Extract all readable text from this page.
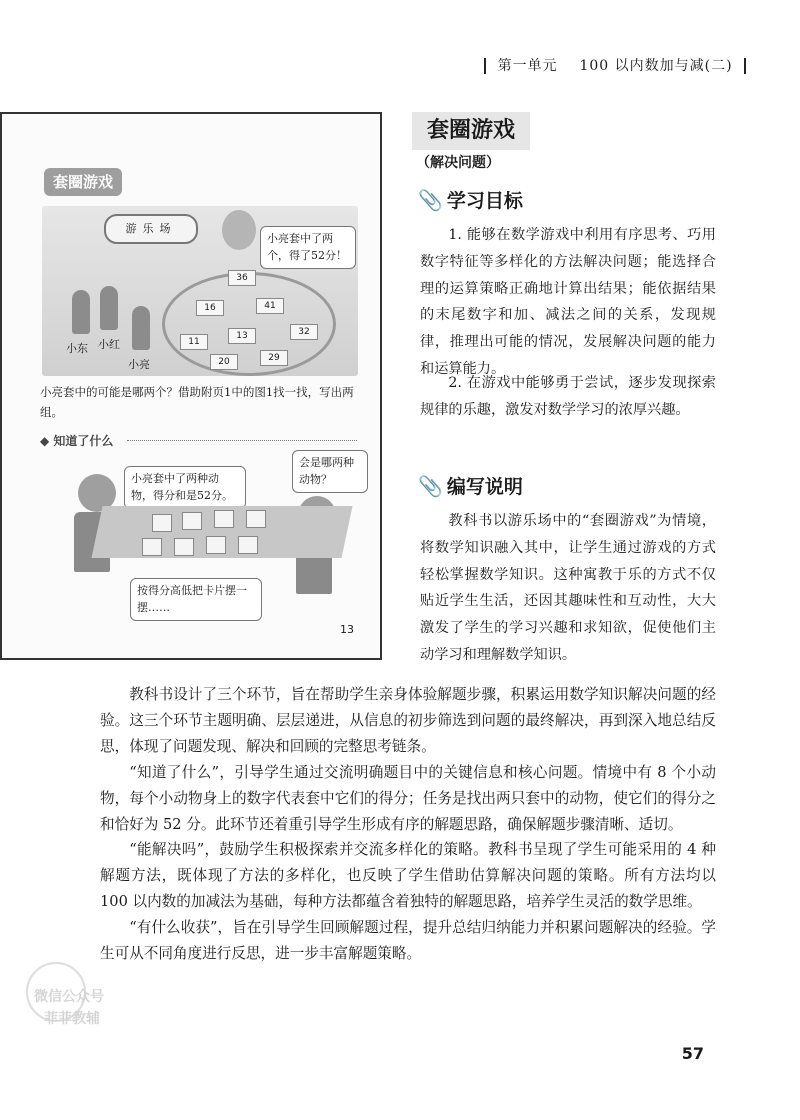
第一单元 100 以内数加与减(二)
套圈游戏
游乐场
小亮套中了两个，得了52分！
36
16	41
11
13	32
20	29
小东 小红
小亮
小亮套中的可能是哪两个？借助附页1中的图1找一找，写出两组。
◆ 知道了什么
小亮套中了两种动物，得分和是52分。
会是哪两种动物？
按得分高低把卡片摆一摆……
13
套圈游戏
（解决问题）
📎 学习目标

1. 能够在数学游戏中利用有序思考、巧用数字特征等多样化的方法解决问题；能选择合理的运算策略正确地计算出结果；能依据结果的末尾数字和加、减法之间的关系，发现规律，推理出可能的情况，发展解决问题的能力和运算能力。

2. 在游戏中能够勇于尝试，逐步发现探索规律的乐趣，激发对数学学习的浓厚兴趣。

📎 编写说明

教科书以游乐场中的“套圈游戏”为情境，将数学知识融入其中，让学生通过游戏的方式轻松掌握数学知识。这种寓教于乐的方式不仅贴近学生生活，还因其趣味性和互动性，大大激发了学生的学习兴趣和求知欲，促使他们主动学习和理解数学知识。

教科书设计了三个环节，旨在帮助学生亲身体验解题步骤，积累运用数学知识解决问题的经验。这三个环节主题明确、层层递进，从信息的初步筛选到问题的最终解决，再到深入地总结反思，体现了问题发现、解决和回顾的完整思考链条。

“知道了什么”，引导学生通过交流明确题目中的关键信息和核心问题。情境中有 8 个小动物，每个小动物身上的数字代表套中它们的得分；任务是找出两只套中的动物，使它们的得分之和恰好为 52 分。此环节还着重引导学生形成有序的解题思路，确保解题步骤清晰、适切。

“能解决吗”，鼓励学生积极探索并交流多样化的策略。教科书呈现了学生可能采用的 4 种解题方法，既体现了方法的多样化，也反映了学生借助估算解决问题的策略。所有方法均以 100 以内数的加减法为基础，每种方法都蕴含着独特的解题思路，培养学生灵活的数学思维。

“有什么收获”，旨在引导学生回顾解题过程，提升总结归纳能力并积累问题解决的经验。学生可从不同角度进行反思，进一步丰富解题策略。

微信公众号
菲菲教辅
57
